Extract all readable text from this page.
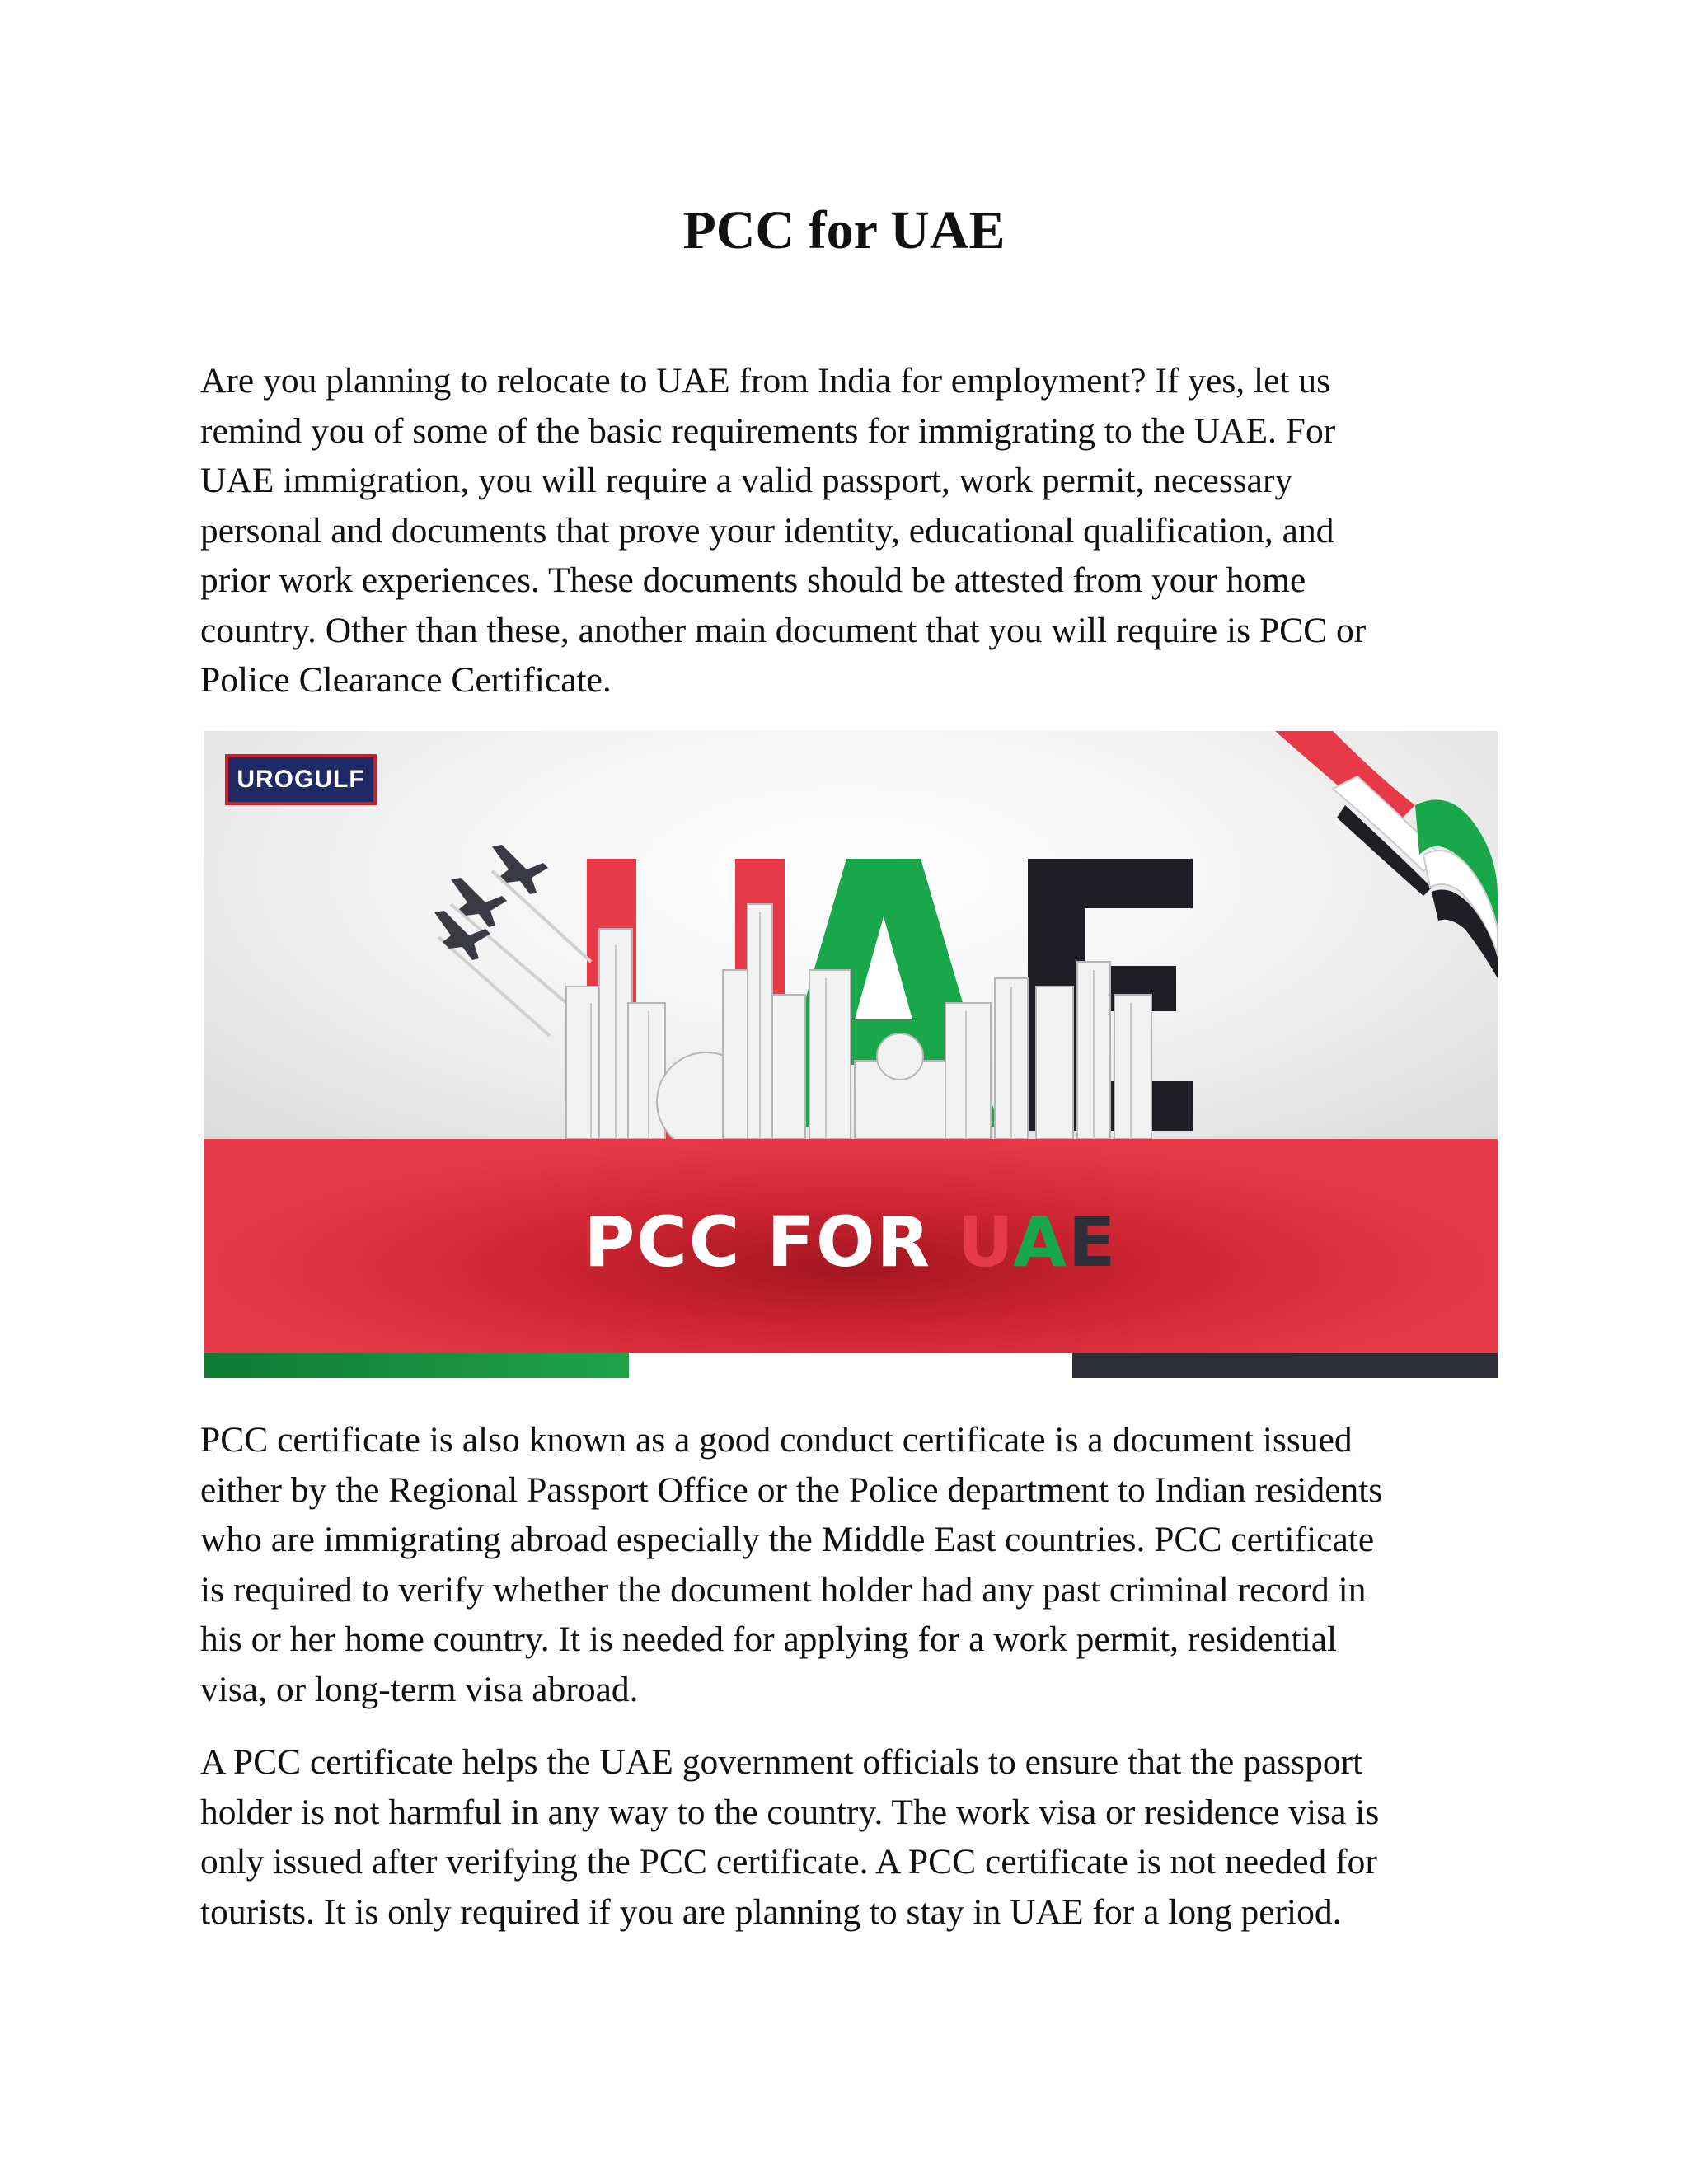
PCC for UAE

Are you planning to relocate to UAE from India for employment? If yes, let us
remind you of some of the basic requirements for immigrating to the UAE. For
UAE immigration, you will require a valid passport, work permit, necessary
personal and documents that prove your identity, educational qualification, and
prior work experiences. These documents should be attested from your home
country. Other than these, another main document that you will require is PCC or
Police Clearance Certificate.

UROGULF
PCC FOR UAE

PCC certificate is also known as a good conduct certificate is a document issued
either by the Regional Passport Office or the Police department to Indian residents
who are immigrating abroad especially the Middle East countries. PCC certificate
is required to verify whether the document holder had any past criminal record in
his or her home country. It is needed for applying for a work permit, residential
visa, or long-term visa abroad.

A PCC certificate helps the UAE government officials to ensure that the passport
holder is not harmful in any way to the country. The work visa or residence visa is
only issued after verifying the PCC certificate. A PCC certificate is not needed for
tourists. It is only required if you are planning to stay in UAE for a long period.
